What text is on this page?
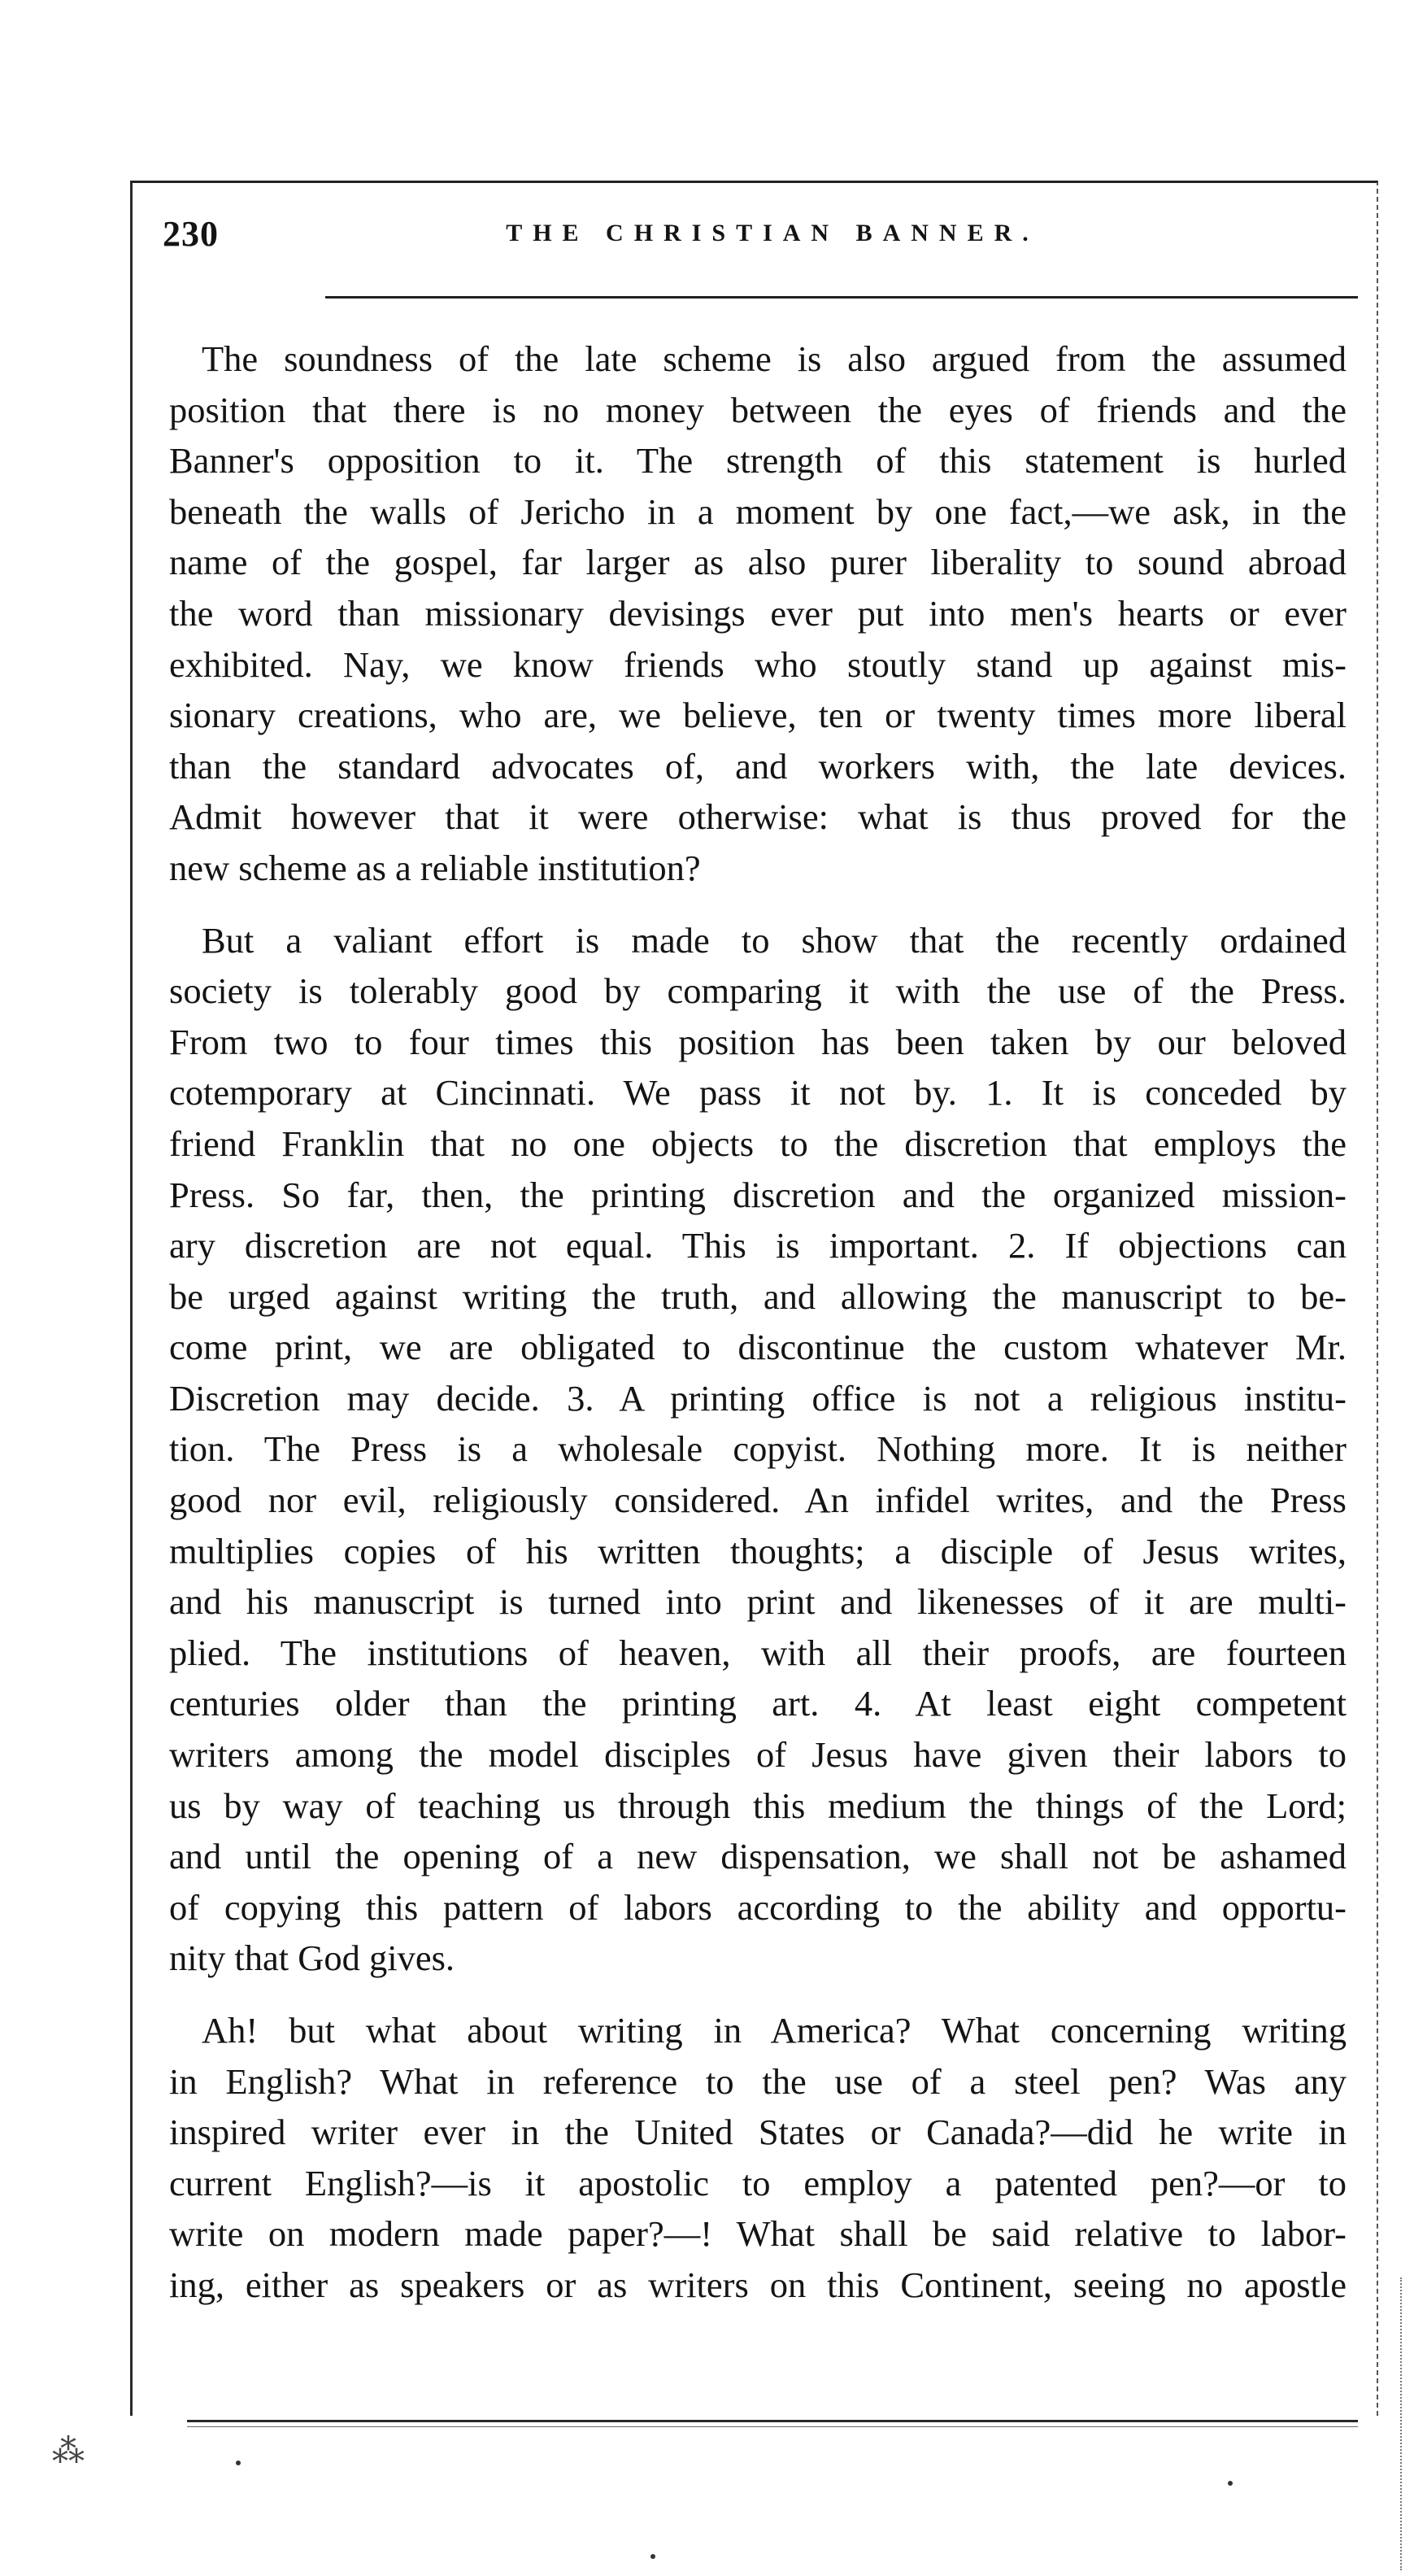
230	THE CHRISTIAN BANNER.
The soundness of the late scheme is also argued from the assumed
position that there is no money between the eyes of friends and the
Banner's opposition to it. The strength of this statement is hurled
beneath the walls of Jericho in a moment by one fact,—we ask, in the
name of the gospel, far larger as also purer liberality to sound abroad
the word than missionary devisings ever put into men's hearts or ever
exhibited. Nay, we know friends who stoutly stand up against mis-
sionary creations, who are, we believe, ten or twenty times more liberal
than the standard advocates of, and workers with, the late devices.
Admit however that it were otherwise: what is thus proved for the
new scheme as a reliable institution?
But a valiant effort is made to show that the recently ordained
society is tolerably good by comparing it with the use of the Press.
From two to four times this position has been taken by our beloved
cotemporary at Cincinnati. We pass it not by. 1. It is conceded by
friend Franklin that no one objects to the discretion that employs the
Press. So far, then, the printing discretion and the organized mission-
ary discretion are not equal. This is important. 2. If objections can
be urged against writing the truth, and allowing the manuscript to be-
come print, we are obligated to discontinue the custom whatever Mr.
Discretion may decide. 3. A printing office is not a religious institu-
tion. The Press is a wholesale copyist. Nothing more. It is neither
good nor evil, religiously considered. An infidel writes, and the Press
multiplies copies of his written thoughts; a disciple of Jesus writes,
and his manuscript is turned into print and likenesses of it are multi-
plied. The institutions of heaven, with all their proofs, are fourteen
centuries older than the printing art. 4. At least eight competent
writers among the model disciples of Jesus have given their labors to
us by way of teaching us through this medium the things of the Lord;
and until the opening of a new dispensation, we shall not be ashamed
of copying this pattern of labors according to the ability and opportu-
nity that God gives.
Ah! but what about writing in America? What concerning writing
in English? What in reference to the use of a steel pen? Was any
inspired writer ever in the United States or Canada?—did he write in
current English?—is it apostolic to employ a patented pen?—or to
write on modern made paper?—! What shall be said relative to labor-
ing, either as speakers or as writers on this Continent, seeing no apostle
⁂
